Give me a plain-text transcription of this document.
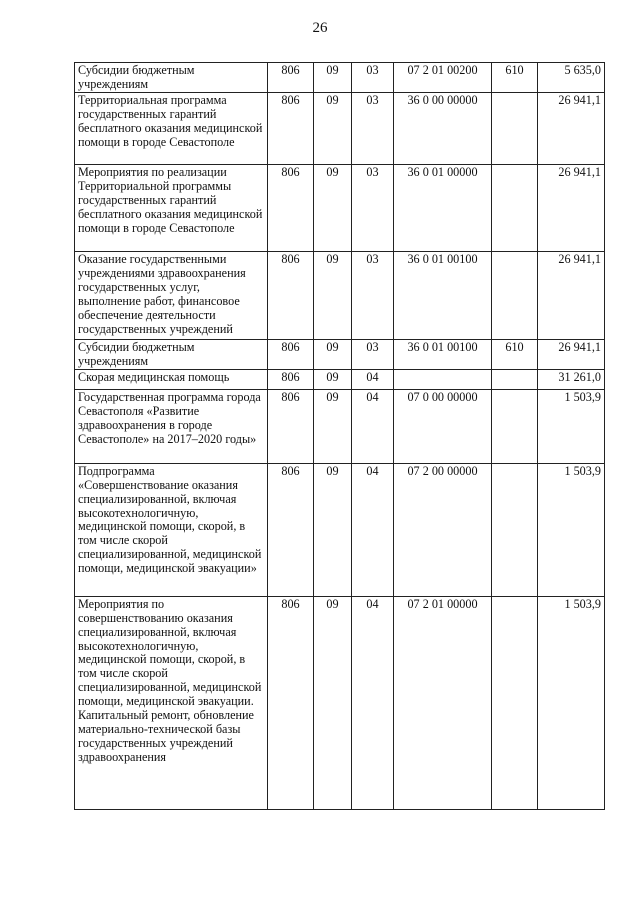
26
Субсидии бюджетным учреждениям	806	09	03	07 2 01 00200	610	5 635,0
Территориальная программа государственных гарантий бесплатного оказания медицинской помощи в городе Севастополе	806	09	03	36 0 00 00000		26 941,1
Мероприятия по реализации Территориальной программы государственных гарантий бесплатного оказания медицинской помощи в городе Севастополе	806	09	03	36 0 01 00000		26 941,1
Оказание государственными учреждениями здравоохранения государственных услуг, выполнение работ, финансовое обеспечение деятельности государственных учреждений	806	09	03	36 0 01 00100		26 941,1
Субсидии бюджетным учреждениям	806	09	03	36 0 01 00100	610	26 941,1
Скорая медицинская помощь	806	09	04			31 261,0
Государственная программа города Севастополя «Развитие здравоохранения в городе Севастополе» на 2017–2020 годы»	806	09	04	07 0 00 00000		1 503,9
Подпрограмма «Совершенствование оказания специализированной, включая высокотехнологичную, медицинской помощи, скорой, в том числе скорой специализированной, медицинской помощи, медицинской эвакуации»	806	09	04	07 2 00 00000		1 503,9
Мероприятия по совершенствованию оказания специализированной, включая высокотехнологичную, медицинской помощи, скорой, в том числе скорой специализированной, медицинской помощи, медицинской эвакуации. Капитальный ремонт, обновление материально-технической базы государственных учреждений здравоохранения	806	09	04	07 2 01 00000		1 503,9
